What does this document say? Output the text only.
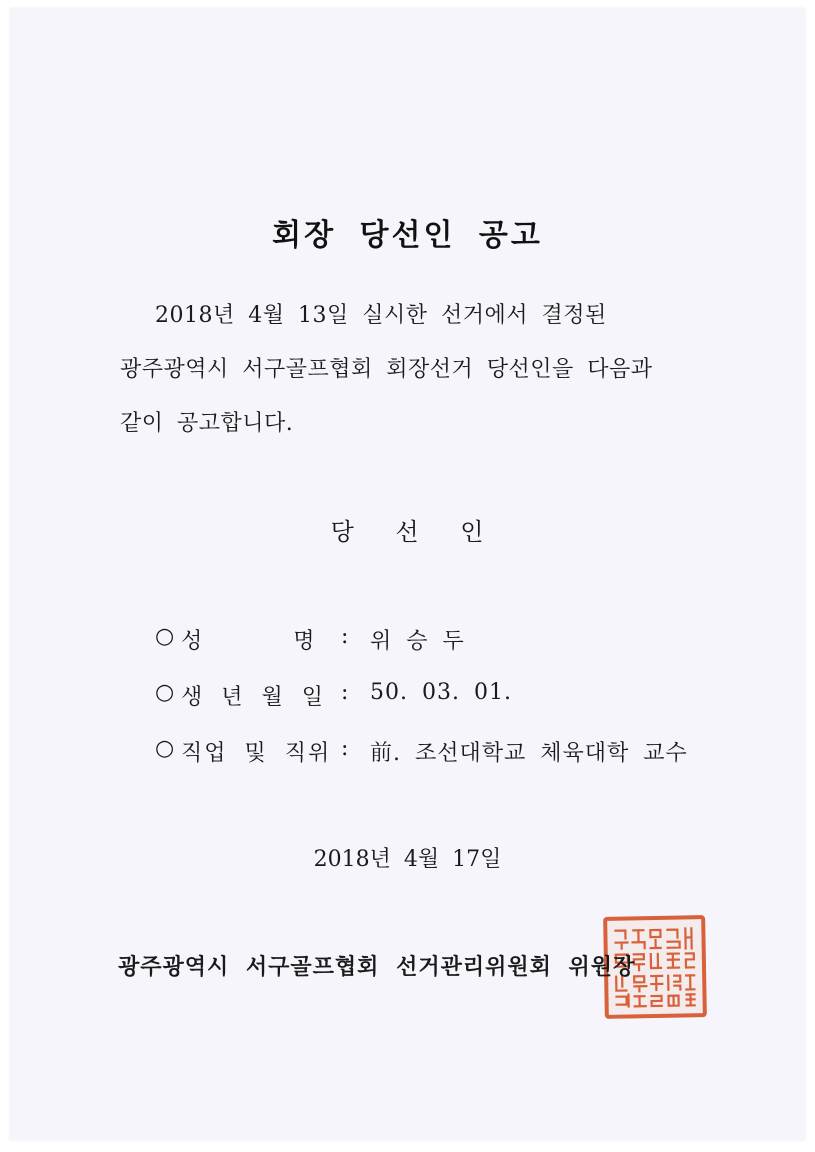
회장 당선인 공고
2018년 4월 13일 실시한 선거에서 결정된
광주광역시 서구골프협회 회장선거 당선인을 다음과
같이 공고합니다.
당 선 인
○ 성 명 : 위 승 두
○ 생 년 월 일 : 50. 03. 01.
○ 직업 및 직위 : 前. 조선대학교 체육대학 교수
2018년 4월 17일
광주광역시 서구골프협회 선거관리위원회 위원장
